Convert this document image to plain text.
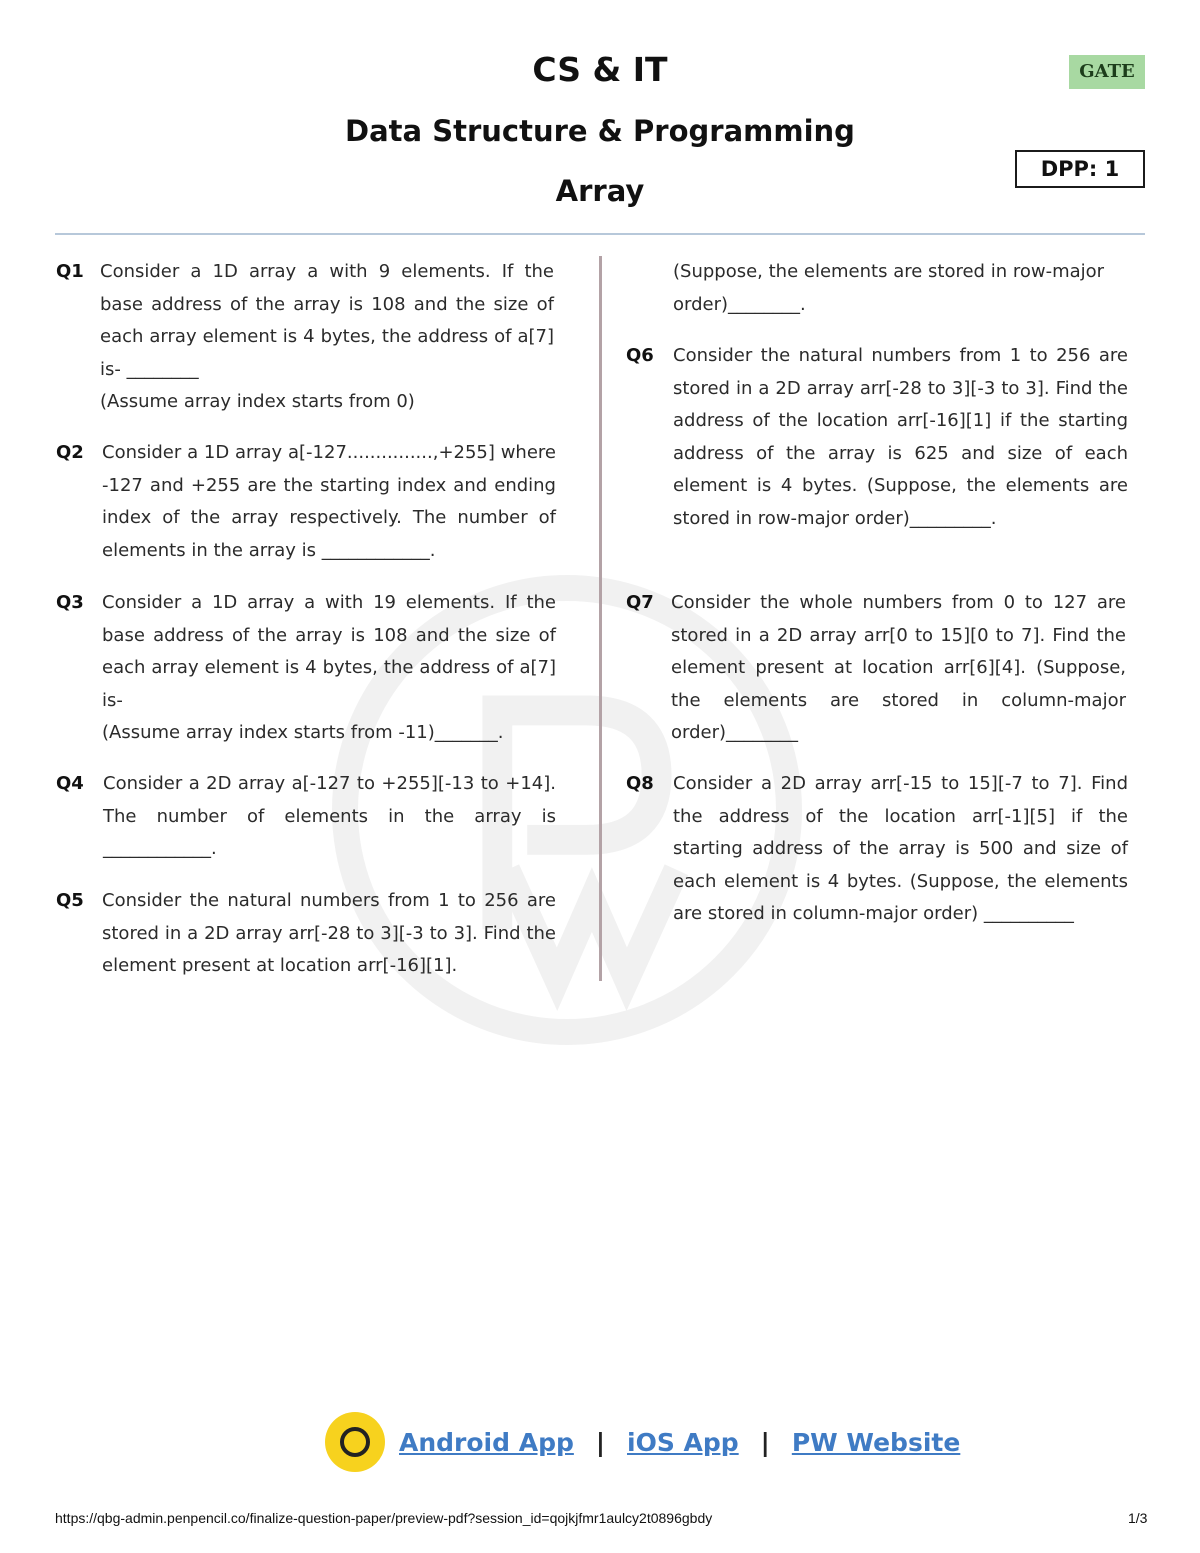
CS & IT
Data Structure & Programming
Array
GATE
DPP: 1
Q1 Consider a 1D array a with 9 elements. If the base address of the array is 108 and the size of each array element is 4 bytes, the address of a[7] is- ________

(Assume array index starts from 0)

Q2 Consider a 1D array a[-127...............,+255] where -127 and +255 are the starting index and ending index of the array respectively. The number of elements in the array is ____________.

Q3 Consider a 1D array a with 19 elements. If the base address of the array is 108 and the size of each array element is 4 bytes, the address of a[7] is-

(Assume array index starts from -11)_______.

Q4 Consider a 2D array a[-127 to +255][-13 to +14]. The number of elements in the array is ____________.

Q5 Consider the natural numbers from 1 to 256 are stored in a 2D array arr[-28 to 3][-3 to 3]. Find the element present at location arr[-16][1].

(Suppose, the elements are stored in row-major order)________.

Q6 Consider the natural numbers from 1 to 256 are stored in a 2D array arr[-28 to 3][-3 to 3]. Find the address of the location arr[-16][1] if the starting address of the array is 625 and size of each element is 4 bytes. (Suppose, the elements are stored in row-major order)_________.

Q7 Consider the whole numbers from 0 to 127 are stored in a 2D array arr[0 to 15][0 to 7]. Find the element present at location arr[6][4]. (Suppose, the elements are stored in column-major order)________

Q8 Consider a 2D array arr[-15 to 15][-7 to 7]. Find the address of the location arr[-1][5] if the starting address of the array is 500 and size of each element is 4 bytes. (Suppose, the elements are stored in column-major order) __________

Android App | iOS App | PW Website
https://qbg-admin.penpencil.co/finalize-question-paper/preview-pdf?session_id=qojkjfmr1aulcy2t0896gbdy	1/3
